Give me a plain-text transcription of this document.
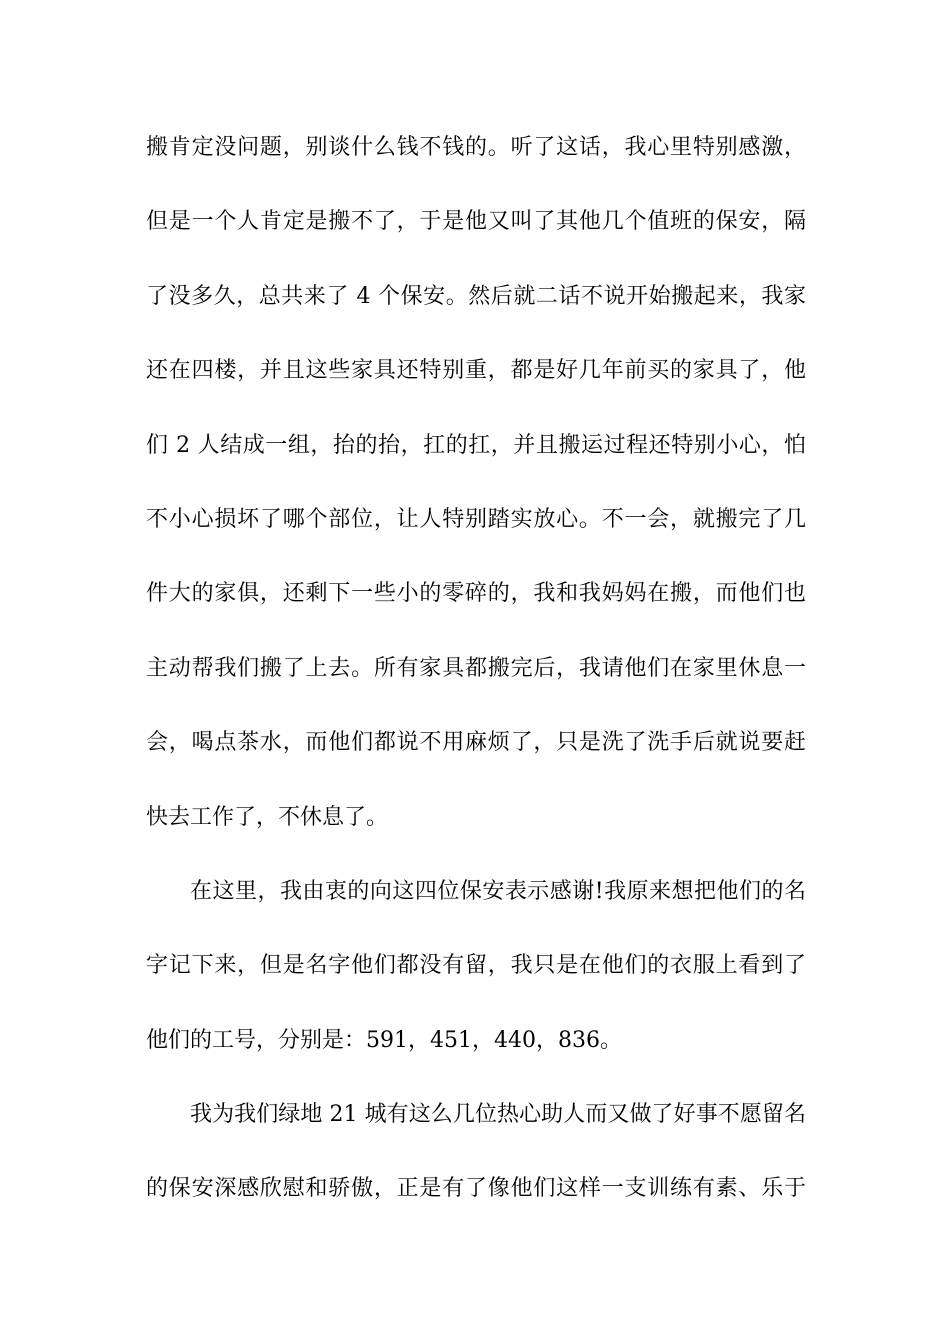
搬肯定没问题，别谈什么钱不钱的。听了这话，我心里特别感激，
但是一个人肯定是搬不了，于是他又叫了其他几个值班的保安，隔
了没多久，总共来了 4 个保安。然后就二话不说开始搬起来，我家
还在四楼，并且这些家具还特别重，都是好几年前买的家具了，他
们 2 人结成一组，抬的抬，扛的扛，并且搬运过程还特别小心，怕
不小心损坏了哪个部位，让人特别踏实放心。不一会，就搬完了几
件大的家俱，还剩下一些小的零碎的，我和我妈妈在搬，而他们也
主动帮我们搬了上去。所有家具都搬完后，我请他们在家里休息一
会，喝点茶水，而他们都说不用麻烦了，只是洗了洗手后就说要赶
快去工作了，不休息了。
在这里，我由衷的向这四位保安表示感谢!我原来想把他们的名
字记下来，但是名字他们都没有留，我只是在他们的衣服上看到了
他们的工号，分别是：591，451，440，836。
我为我们绿地 21 城有这么几位热心助人而又做了好事不愿留名
的保安深感欣慰和骄傲，正是有了像他们这样一支训练有素、乐于
